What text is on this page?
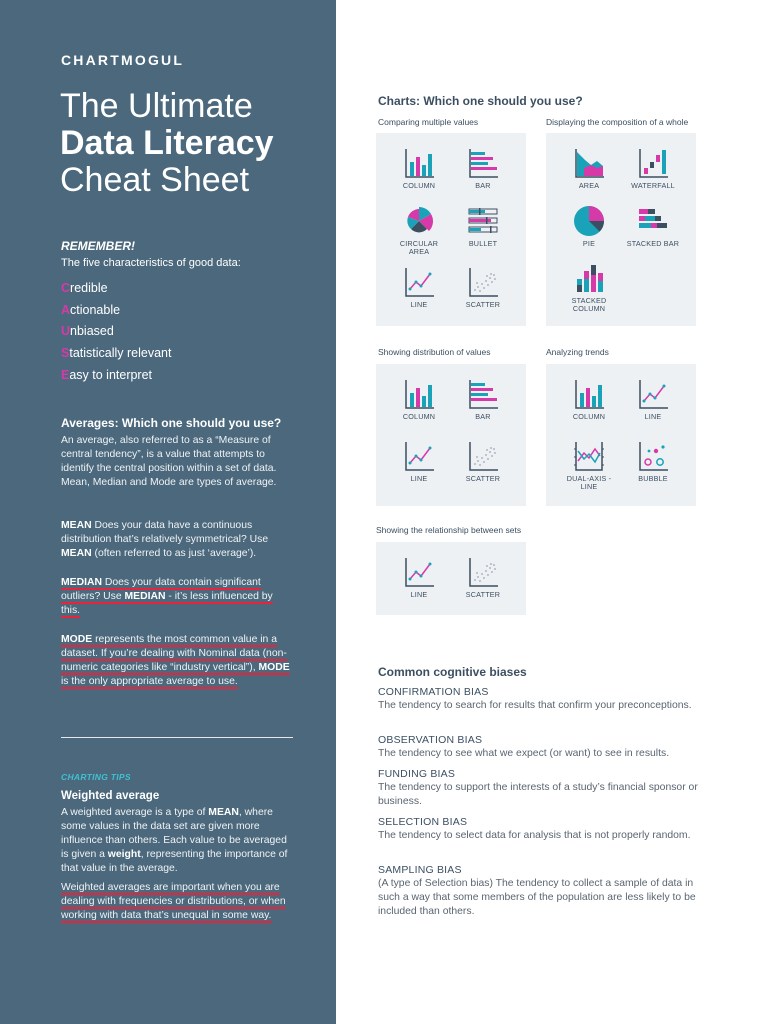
CHARTMOGUL
The Ultimate
Data Literacy
Cheat Sheet
REMEMBER!
The five characteristics of good data:
Credible
Actionable
Unbiased
Statistically relevant
Easy to interpret
Averages: Which one should you use?

An average, also referred to as a “Measure of central tendency”, is a value that attempts to identify the central position within a set of data. Mean, Median and Mode are types of average.

MEAN Does your data have a continuous distribution that’s relatively symmetrical? Use MEAN (often referred to as just ‘average’).

MEDIAN Does your data contain significant outliers? Use MEDIAN - it’s less influenced by this.

MODE represents the most common value in a dataset. If you’re dealing with Nominal data (non-numeric categories like “industry vertical”), MODE is the only appropriate average to use.

CHARTING TIPS
Weighted average

A weighted average is a type of MEAN, where some values in the data set are given more influence than others. Each value to be averaged is given a weight, representing the importance of that value in the average.

Weighted averages are important when you are dealing with frequencies or distributions, or when working with data that’s unequal in some way.

Charts: Which one should you use?
Comparing multiple values
COLUMN	BAR
CIRCULAR AREA
BULLET
LINE	SCATTER
Displaying the composition of a whole
AREA	WATERFALL
PIE	STACKED BAR
STACKED COLUMN
Showing distribution of values
COLUMN	BAR
LINE	SCATTER
Analyzing trends
COLUMN	LINE
DUAL-AXIS -LINE
BUBBLE
Showing the relationship between sets
LINE	SCATTER
Common cognitive biases
CONFIRMATION BIAS
The tendency to search for results that confirm your preconceptions.
OBSERVATION BIAS
The tendency to see what we expect (or want) to see in results.
FUNDING BIAS
The tendency to support the interests of a study’s financial sponsor or business.
SELECTION BIAS
The tendency to select data for analysis that is not properly random.
SAMPLING BIAS
(A type of Selection bias) The tendency to collect a sample of data in such a way that some members of the population are less likely to be included than others.
